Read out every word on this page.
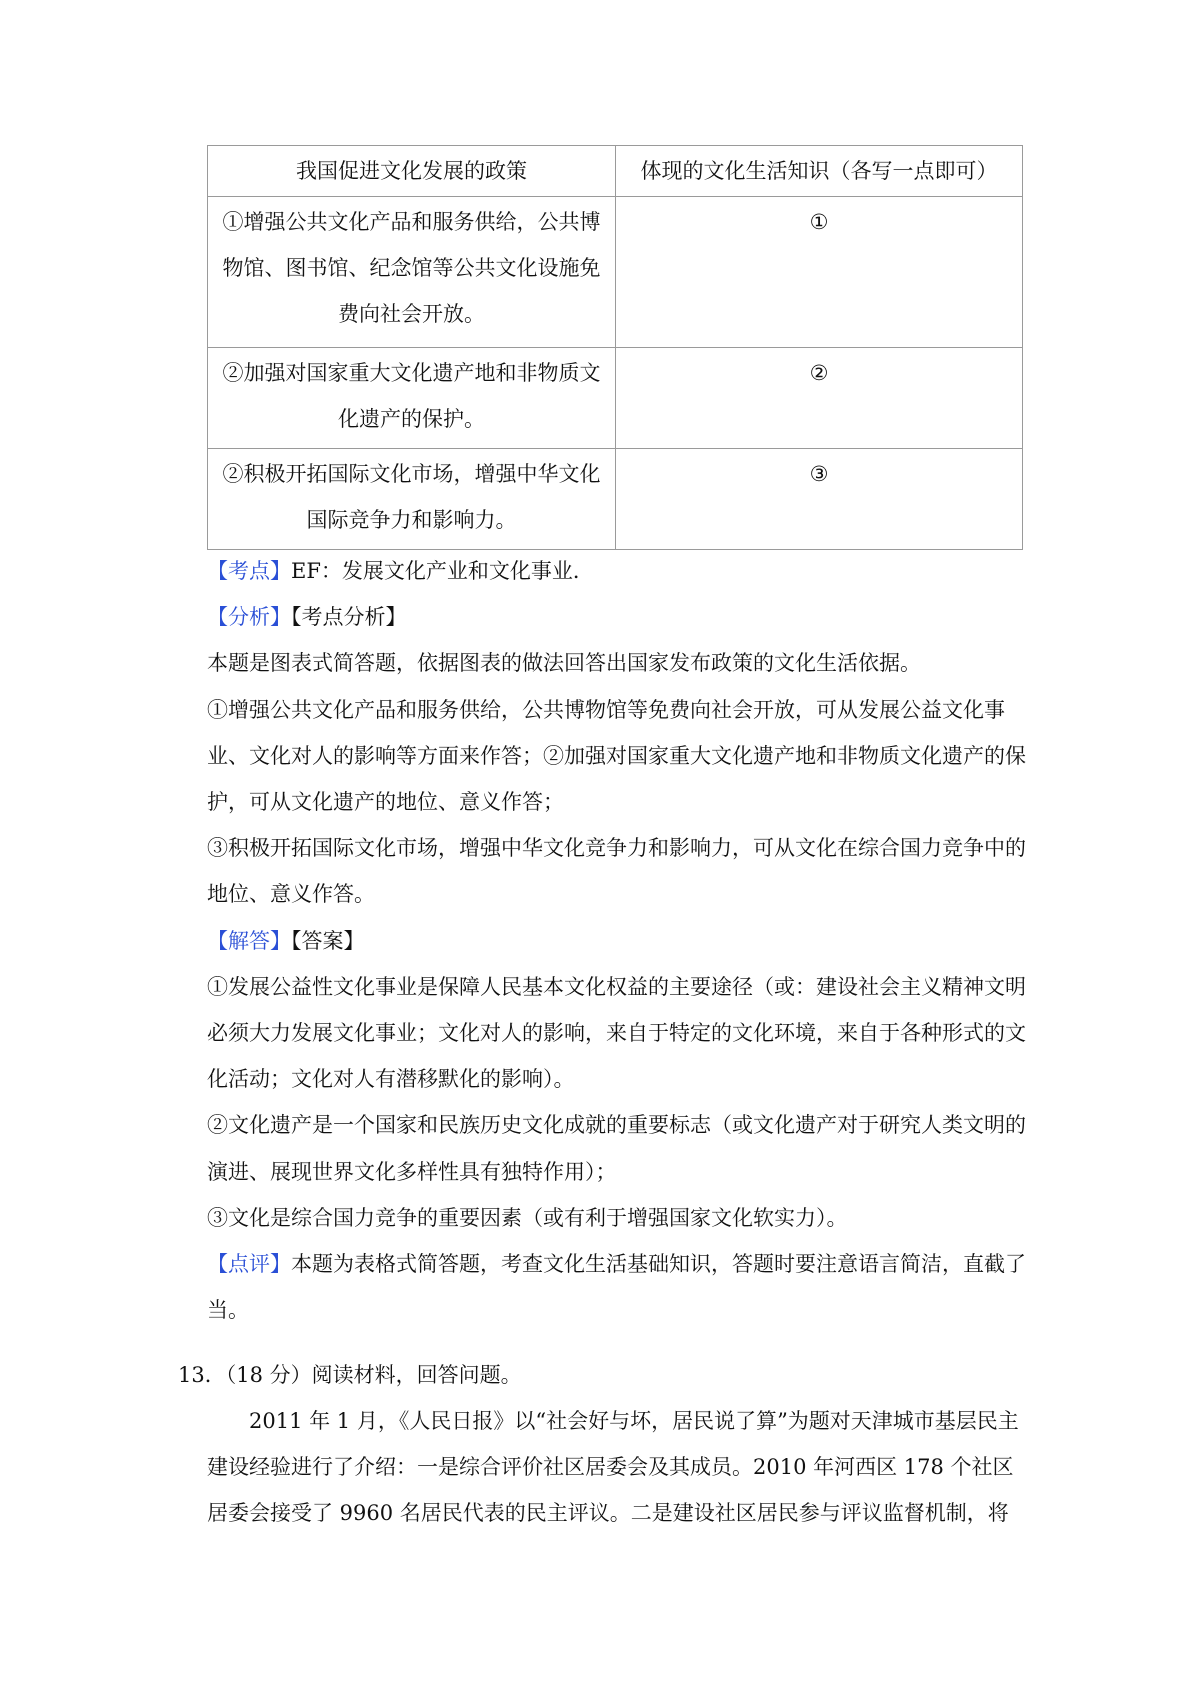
我国促进文化发展的政策	体现的文化生活知识（各写一点即可）
①增强公共文化产品和服务供给，公共博物馆、图书馆、纪念馆等公共文化设施免费向社会开放。	①
②加强对国家重大文化遗产地和非物质文化遗产的保护。	②
②积极开拓国际文化市场，增强中华文化国际竞争力和影响力。	③

【考点】EF：发展文化产业和文化事业．

【分析】【考点分析】

本题是图表式简答题，依据图表的做法回答出国家发布政策的文化生活依据。

①增强公共文化产品和服务供给，公共博物馆等免费向社会开放，可从发展公益文化事业、文化对人的影响等方面来作答；②加强对国家重大文化遗产地和非物质文化遗产的保护，可从文化遗产的地位、意义作答；

③积极开拓国际文化市场，增强中华文化竞争力和影响力，可从文化在综合国力竞争中的地位、意义作答。

【解答】【答案】

①发展公益性文化事业是保障人民基本文化权益的主要途径（或：建设社会主义精神文明必须大力发展文化事业；文化对人的影响，来自于特定的文化环境，来自于各种形式的文化活动；文化对人有潜移默化的影响）。

②文化遗产是一个国家和民族历史文化成就的重要标志（或文化遗产对于研究人类文明的演进、展现世界文化多样性具有独特作用）；

③文化是综合国力竞争的重要因素（或有利于增强国家文化软实力）。

【点评】本题为表格式简答题，考查文化生活基础知识，答题时要注意语言简洁，直截了当。

13．（18 分）阅读材料，回答问题。

2011 年 1 月，《人民日报》以“社会好与坏，居民说了算”为题对天津城市基层民主建设经验进行了介绍：一是综合评价社区居委会及其成员。2010 年河西区 178 个社区居委会接受了 9960 名居民代表的民主评议。二是建设社区居民参与评议监督机制，将
